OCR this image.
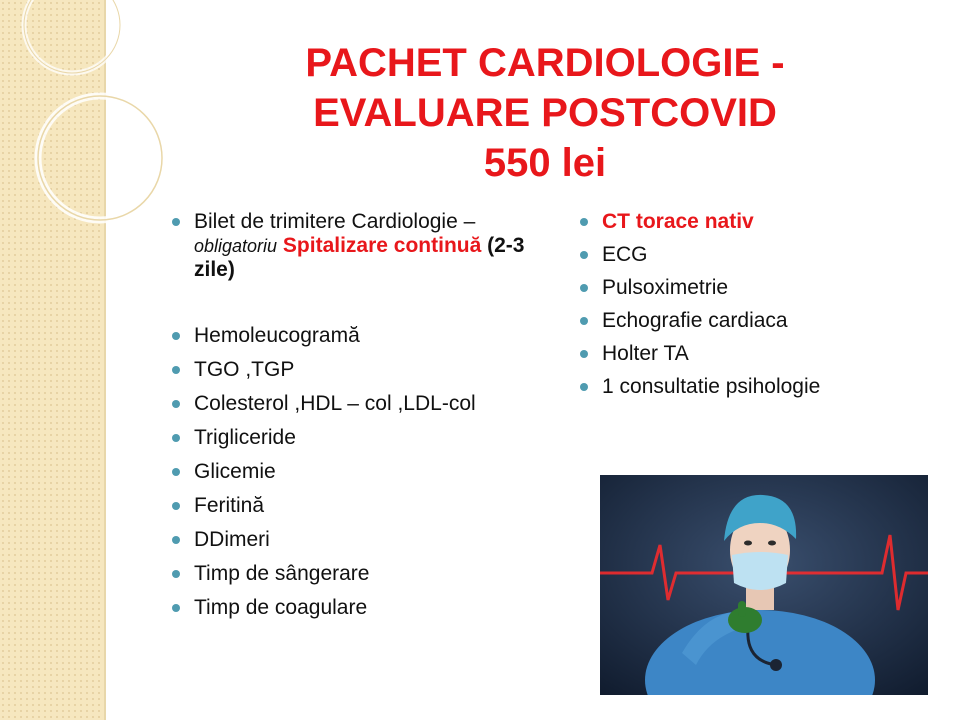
PACHET CARDIOLOGIE -
EVALUARE POSTCOVID
550 lei
Bilet de trimitere Cardiologie – obligatoriu Spitalizare continuă (2-3 zile)
Hemoleucogramă
TGO ,TGP
Colesterol ,HDL – col ,LDL-col
Trigliceride
Glicemie
Feritină
DDimeri
Timp de sângerare
Timp de coagulare
CT torace nativ
ECG
Pulsoximetrie
Echografie cardiaca
Holter TA
1 consultatie psihologie
